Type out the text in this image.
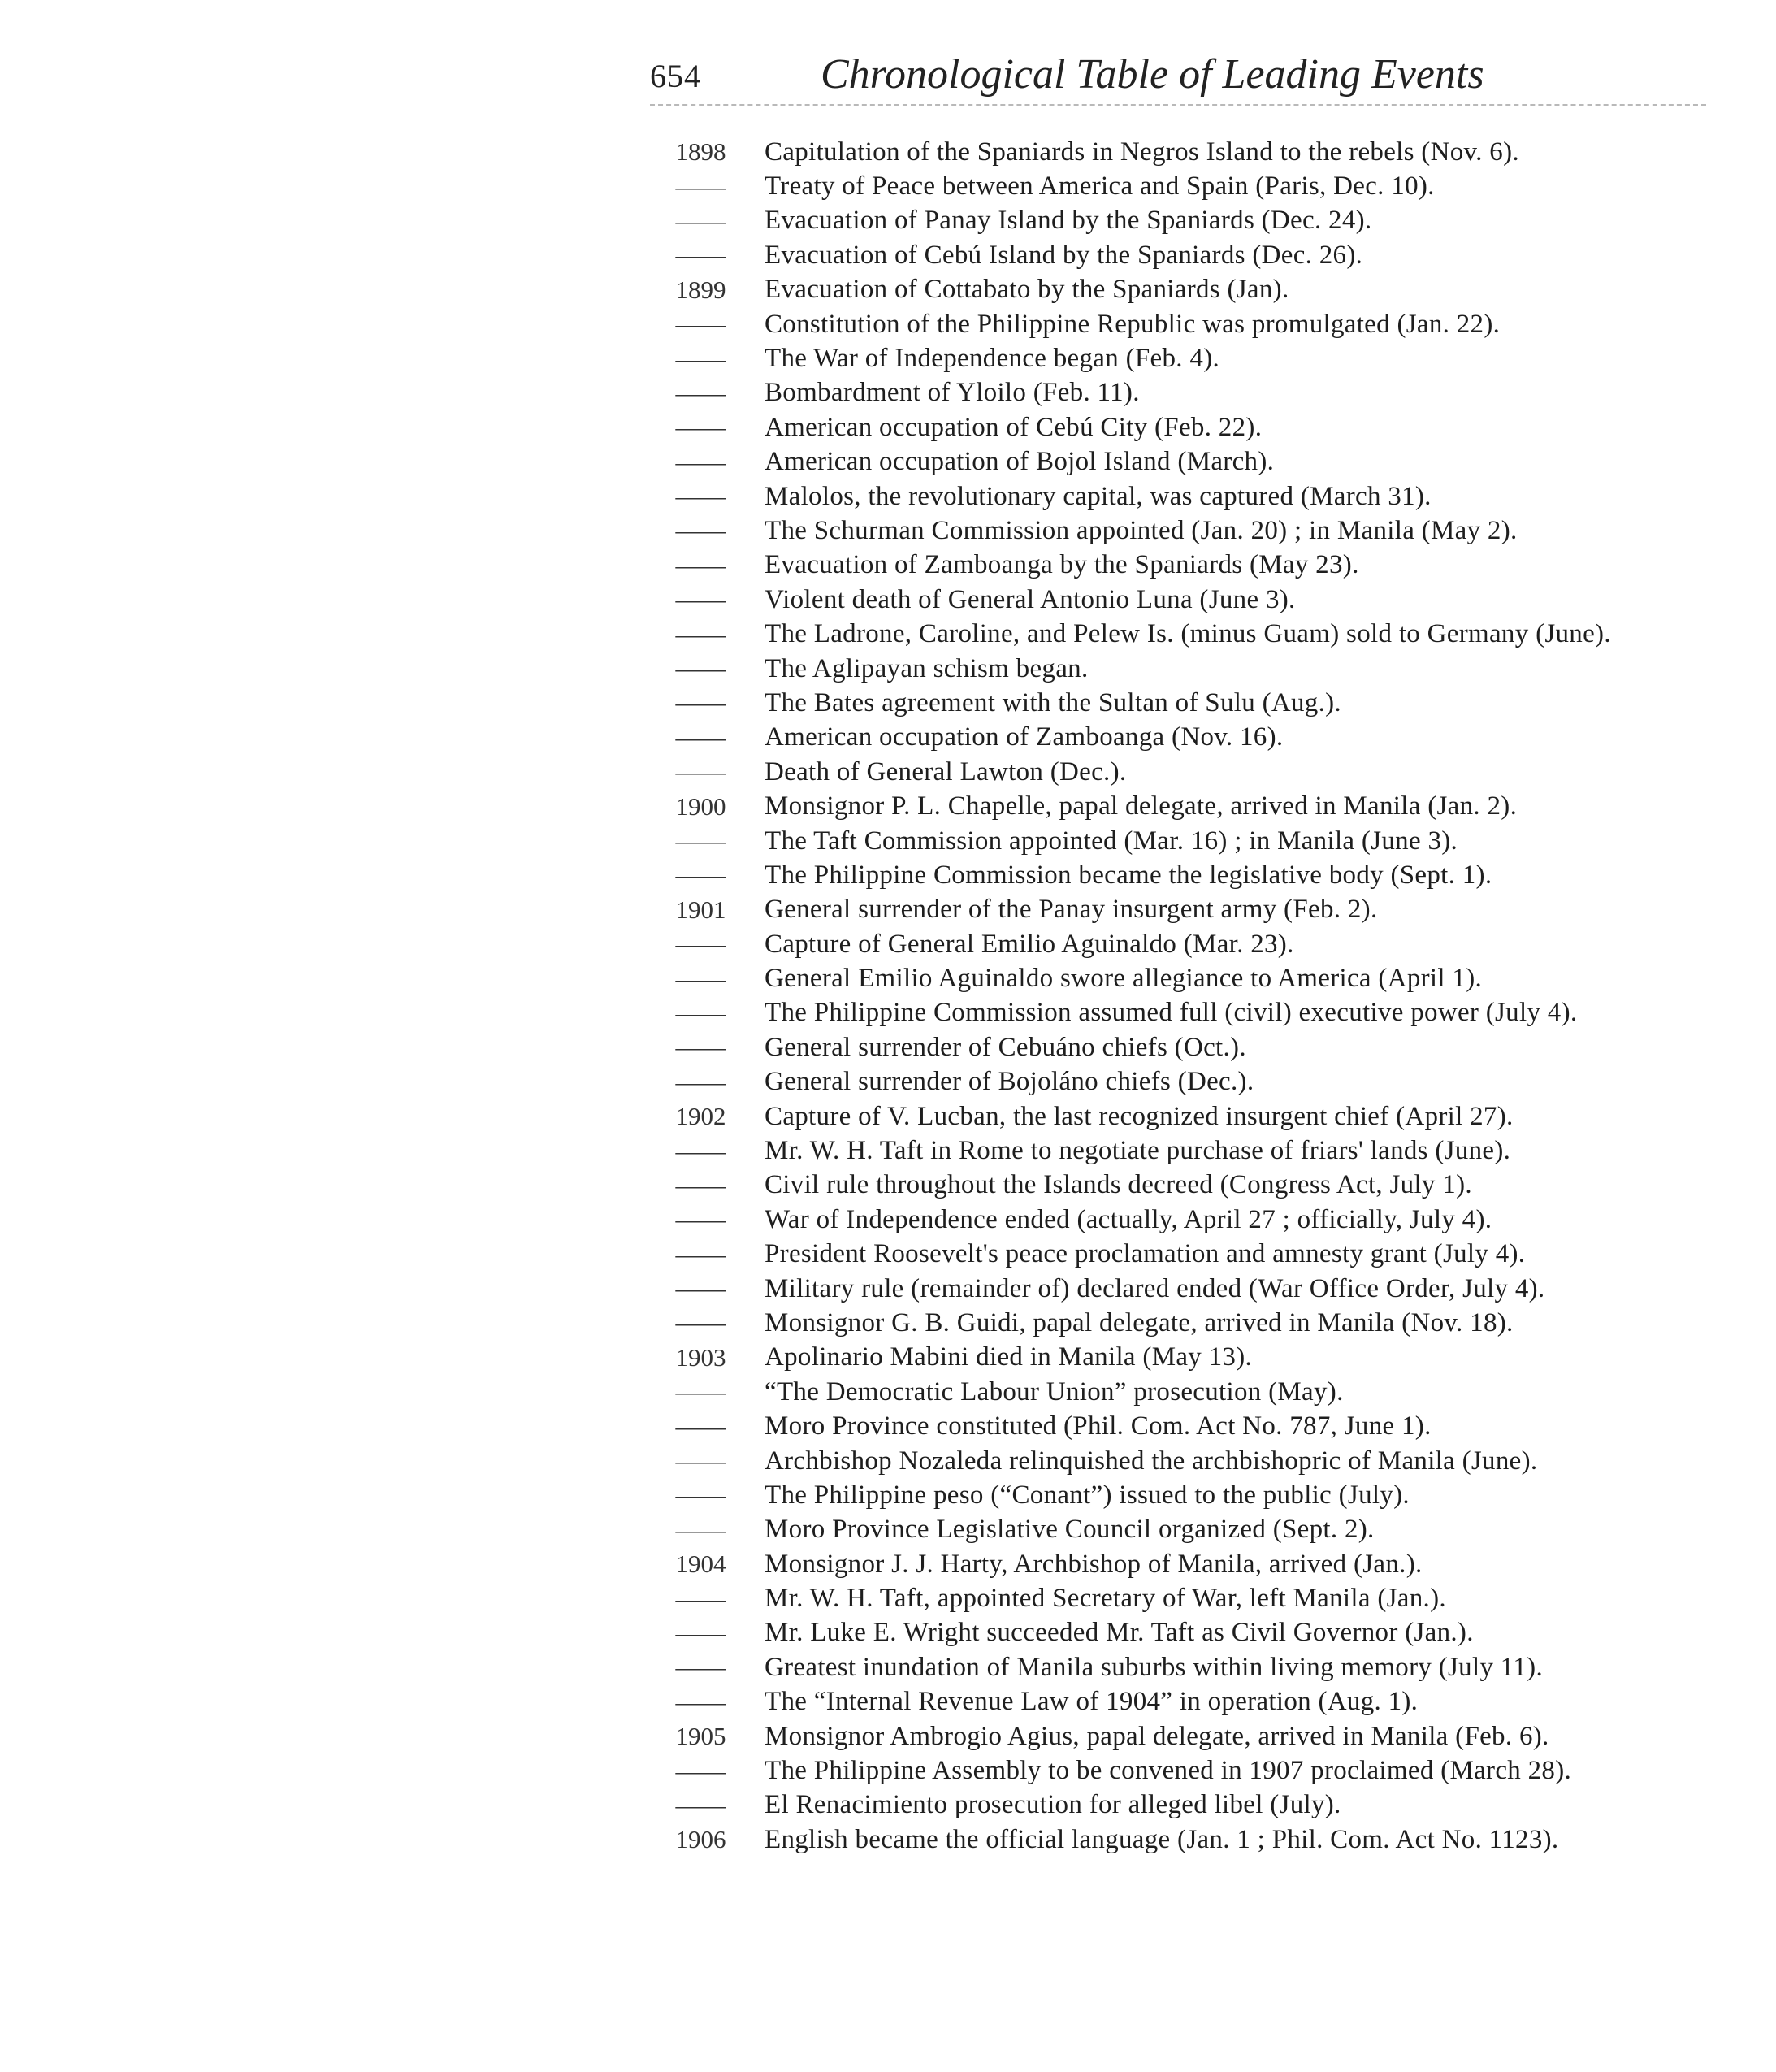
654	Chronological Table of Leading Events
1898	Capitulation of the Spaniards in Negros Island to the rebels (Nov. 6).
——	Treaty of Peace between America and Spain (Paris, Dec. 10).
——	Evacuation of Panay Island by the Spaniards (Dec. 24).
——	Evacuation of Cebú Island by the Spaniards (Dec. 26).
1899	Evacuation of Cottabato by the Spaniards (Jan).
——	Constitution of the Philippine Republic was promulgated (Jan. 22).
——	The War of Independence began (Feb. 4).
——	Bombardment of Yloilo (Feb. 11).
——	American occupation of Cebú City (Feb. 22).
——	American occupation of Bojol Island (March).
——	Malolos, the revolutionary capital, was captured (March 31).
——	The Schurman Commission appointed (Jan. 20) ; in Manila (May 2).
——	Evacuation of Zamboanga by the Spaniards (May 23).
——	Violent death of General Antonio Luna (June 3).
——	The Ladrone, Caroline, and Pelew Is. (minus Guam) sold to Germany (June).
——	The Aglipayan schism began.
——	The Bates agreement with the Sultan of Sulu (Aug.).
——	American occupation of Zamboanga (Nov. 16).
——	Death of General Lawton (Dec.).
1900	Monsignor P. L. Chapelle, papal delegate, arrived in Manila (Jan. 2).
——	The Taft Commission appointed (Mar. 16) ; in Manila (June 3).
——	The Philippine Commission became the legislative body (Sept. 1).
1901	General surrender of the Panay insurgent army (Feb. 2).
——	Capture of General Emilio Aguinaldo (Mar. 23).
——	General Emilio Aguinaldo swore allegiance to America (April 1).
——	The Philippine Commission assumed full (civil) executive power (July 4).
——	General surrender of Cebuáno chiefs (Oct.).
——	General surrender of Bojoláno chiefs (Dec.).
1902	Capture of V. Lucban, the last recognized insurgent chief (April 27).
——	Mr. W. H. Taft in Rome to negotiate purchase of friars' lands (June).
——	Civil rule throughout the Islands decreed (Congress Act, July 1).
——	War of Independence ended (actually, April 27 ; officially, July 4).
——	President Roosevelt's peace proclamation and amnesty grant (July 4).
——	Military rule (remainder of) declared ended (War Office Order, July 4).
——	Monsignor G. B. Guidi, papal delegate, arrived in Manila (Nov. 18).
1903	Apolinario Mabini died in Manila (May 13).
——	“The Democratic Labour Union” prosecution (May).
——	Moro Province constituted (Phil. Com. Act No. 787, June 1).
——	Archbishop Nozaleda relinquished the archbishopric of Manila (June).
——	The Philippine peso (“Conant”) issued to the public (July).
——	Moro Province Legislative Council organized (Sept. 2).
1904	Monsignor J. J. Harty, Archbishop of Manila, arrived (Jan.).
——	Mr. W. H. Taft, appointed Secretary of War, left Manila (Jan.).
——	Mr. Luke E. Wright succeeded Mr. Taft as Civil Governor (Jan.).
——	Greatest inundation of Manila suburbs within living memory (July 11).
——	The “Internal Revenue Law of 1904” in operation (Aug. 1).
1905	Monsignor Ambrogio Agius, papal delegate, arrived in Manila (Feb. 6).
——	The Philippine Assembly to be convened in 1907 proclaimed (March 28).
——	El Renacimiento prosecution for alleged libel (July).
1906	English became the official language (Jan. 1 ; Phil. Com. Act No. 1123).
